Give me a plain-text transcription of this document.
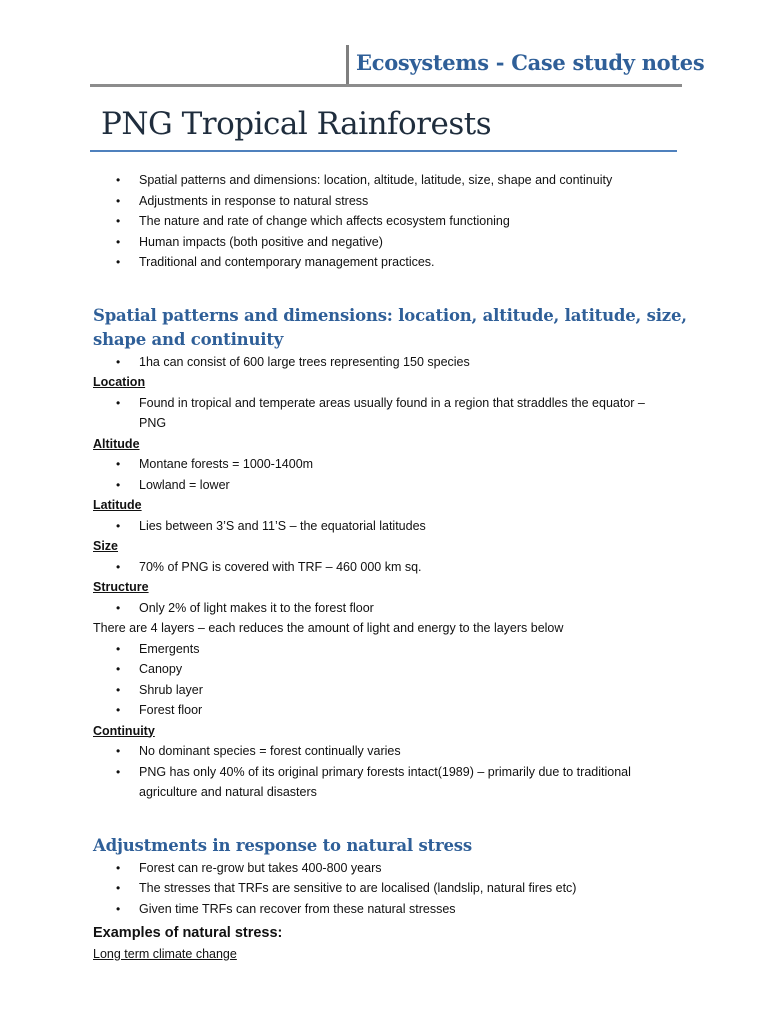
Ecosystems - Case study notes
PNG Tropical Rainforests
• Spatial patterns and dimensions: location, altitude, latitude, size, shape and continuity
• Adjustments in response to natural stress
• The nature and rate of change which affects ecosystem functioning
• Human impacts (both positive and negative)
• Traditional and contemporary management practices.
Spatial patterns and dimensions: location, altitude, latitude, size,
shape and continuity
• 1ha can consist of 600 large trees representing 150 species

Location

• Found in tropical and temperate areas usually found in a region that straddles the equator –
PNG

Altitude

• Montane forests = 1000-1400m
• Lowland = lower

Latitude

• Lies between 3’S and 11’S – the equatorial latitudes

Size

• 70% of PNG is covered with TRF – 460 000 km sq.

Structure

• Only 2% of light makes it to the forest floor

There are 4 layers – each reduces the amount of light and energy to the layers below

• Emergents
• Canopy
• Shrub layer
• Forest floor

Continuity

• No dominant species = forest continually varies
• PNG has only 40% of its original primary forests intact(1989) – primarily due to traditional
agriculture and natural disasters
Adjustments in response to natural stress
• Forest can re-grow but takes 400-800 years
• The stresses that TRFs are sensitive to are localised (landslip, natural fires etc)
• Given time TRFs can recover from these natural stresses

Examples of natural stress:

Long term climate change
